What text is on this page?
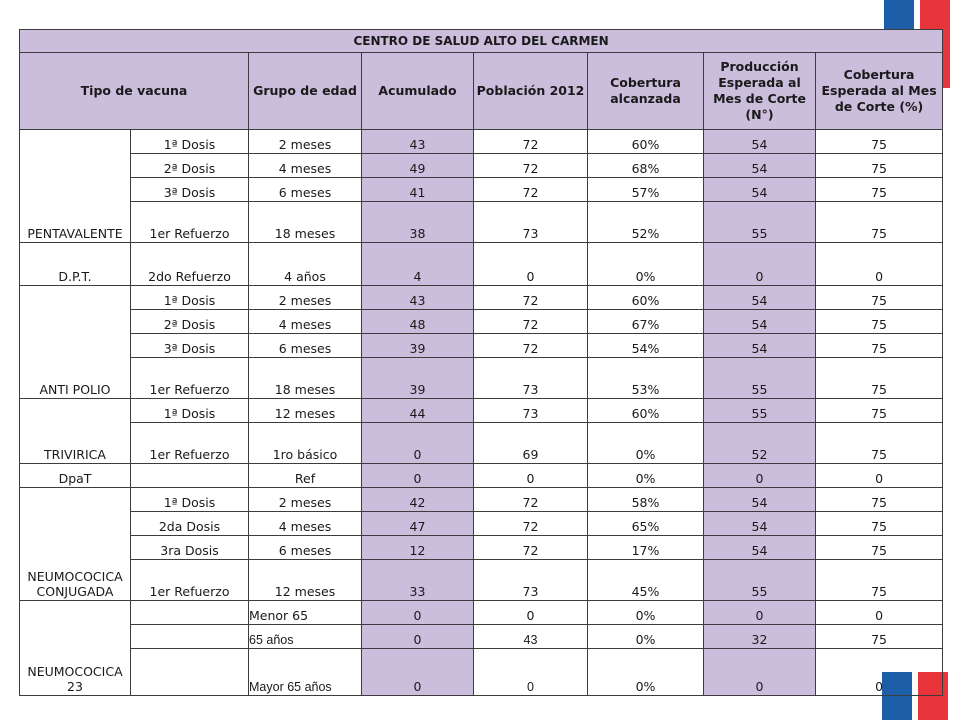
CENTRO DE SALUD ALTO DEL CARMEN							
Tipo de vacuna		Grupo de edad	Acumulado	Población 2012	Cobertura alcanzada	Producción Esperada al Mes de Corte (N°)	Cobertura Esperada al Mes de Corte (%)
PENTAVALENTE	1ª Dosis	2 meses	43	72	60%	54	75
	2ª Dosis	4 meses	49	72	68%	54	75
	3ª Dosis	6 meses	41	72	57%	54	75
	1er Refuerzo	18 meses	38	73	52%	55	75
D.P.T.	2do Refuerzo	4 años	4	0	0%	0	0
ANTI POLIO	1ª Dosis	2 meses	43	72	60%	54	75
	2ª Dosis	4 meses	48	72	67%	54	75
	3ª Dosis	6 meses	39	72	54%	54	75
	1er Refuerzo	18 meses	39	73	53%	55	75
TRIVIRICA	1ª Dosis	12 meses	44	73	60%	55	75
	1er Refuerzo	1ro básico	0	69	0%	52	75
DpaT		Ref	0	0	0%	0	0
NEUMOCOCICA CONJUGADA	1ª Dosis	2 meses	42	72	58%	54	75
	2da Dosis	4 meses	47	72	65%	54	75
	3ra Dosis	6 meses	12	72	17%	54	75
	1er Refuerzo	12 meses	33	73	45%	55	75
NEUMOCOCICA 23		Menor 65	0	0	0%	0	0
		65 años	0	43	0%	32	75
		Mayor 65 años	0	0	0%	0	0
